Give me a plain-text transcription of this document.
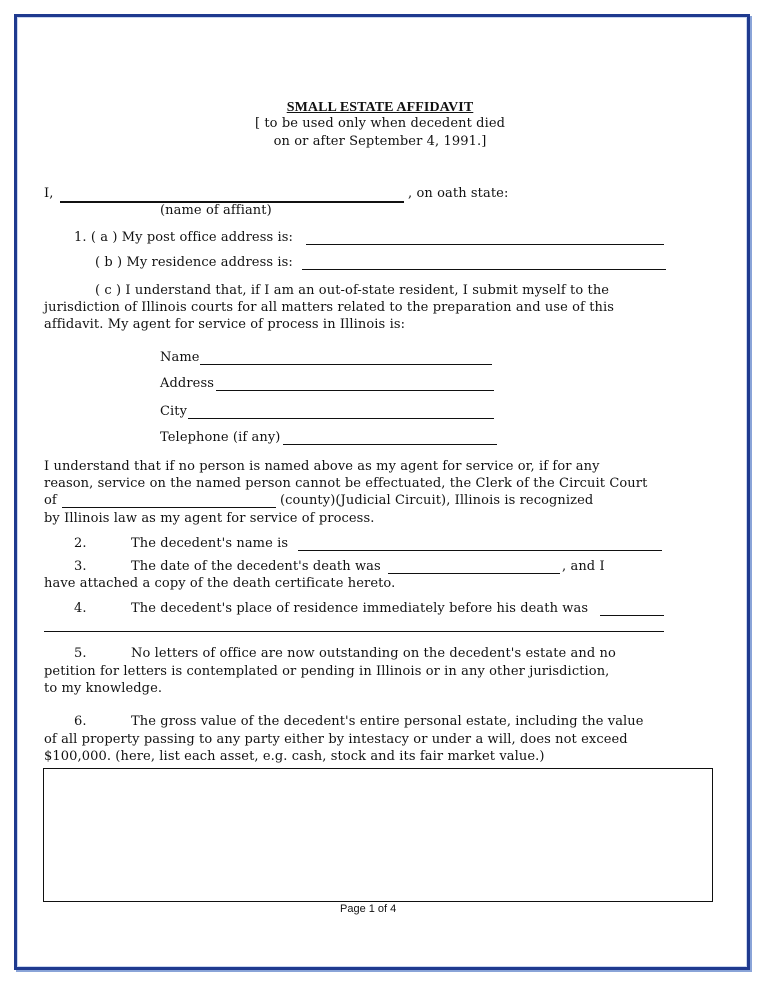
SMALL ESTATE AFFIDAVIT
[ to be used only when decedent died
on or after September 4, 1991.]
I,	, on oath state:
(name of affiant)
1. ( a ) My post office address is:
( b ) My residence address is:
( c ) I understand that, if I am an out-of-state resident, I submit myself to the
jurisdiction of Illinois courts for all matters related to the preparation and use of this
affidavit. My agent for service of process in Illinois is:
Name
Address
City
Telephone (if any)
I understand that if no person is named above as my agent for service or, if for any
reason, service on the named person cannot be effectuated, the Clerk of the Circuit Court
of	(county)(Judicial Circuit), Illinois is recognized
by Illinois law as my agent for service of process.
2.	The decedent's name is
3.	The date of the decedent's death was	, and I
have attached a copy of the death certificate hereto.
4.	The decedent's place of residence immediately before his death was
5.	No letters of office are now outstanding on the decedent's estate and no
petition for letters is contemplated or pending in Illinois or in any other jurisdiction,
to my knowledge.
6.	The gross value of the decedent's entire personal estate, including the value
of all property passing to any party either by intestacy or under a will, does not exceed
$100,000. (here, list each asset, e.g. cash, stock and its fair market value.)
Page 1 of 4
